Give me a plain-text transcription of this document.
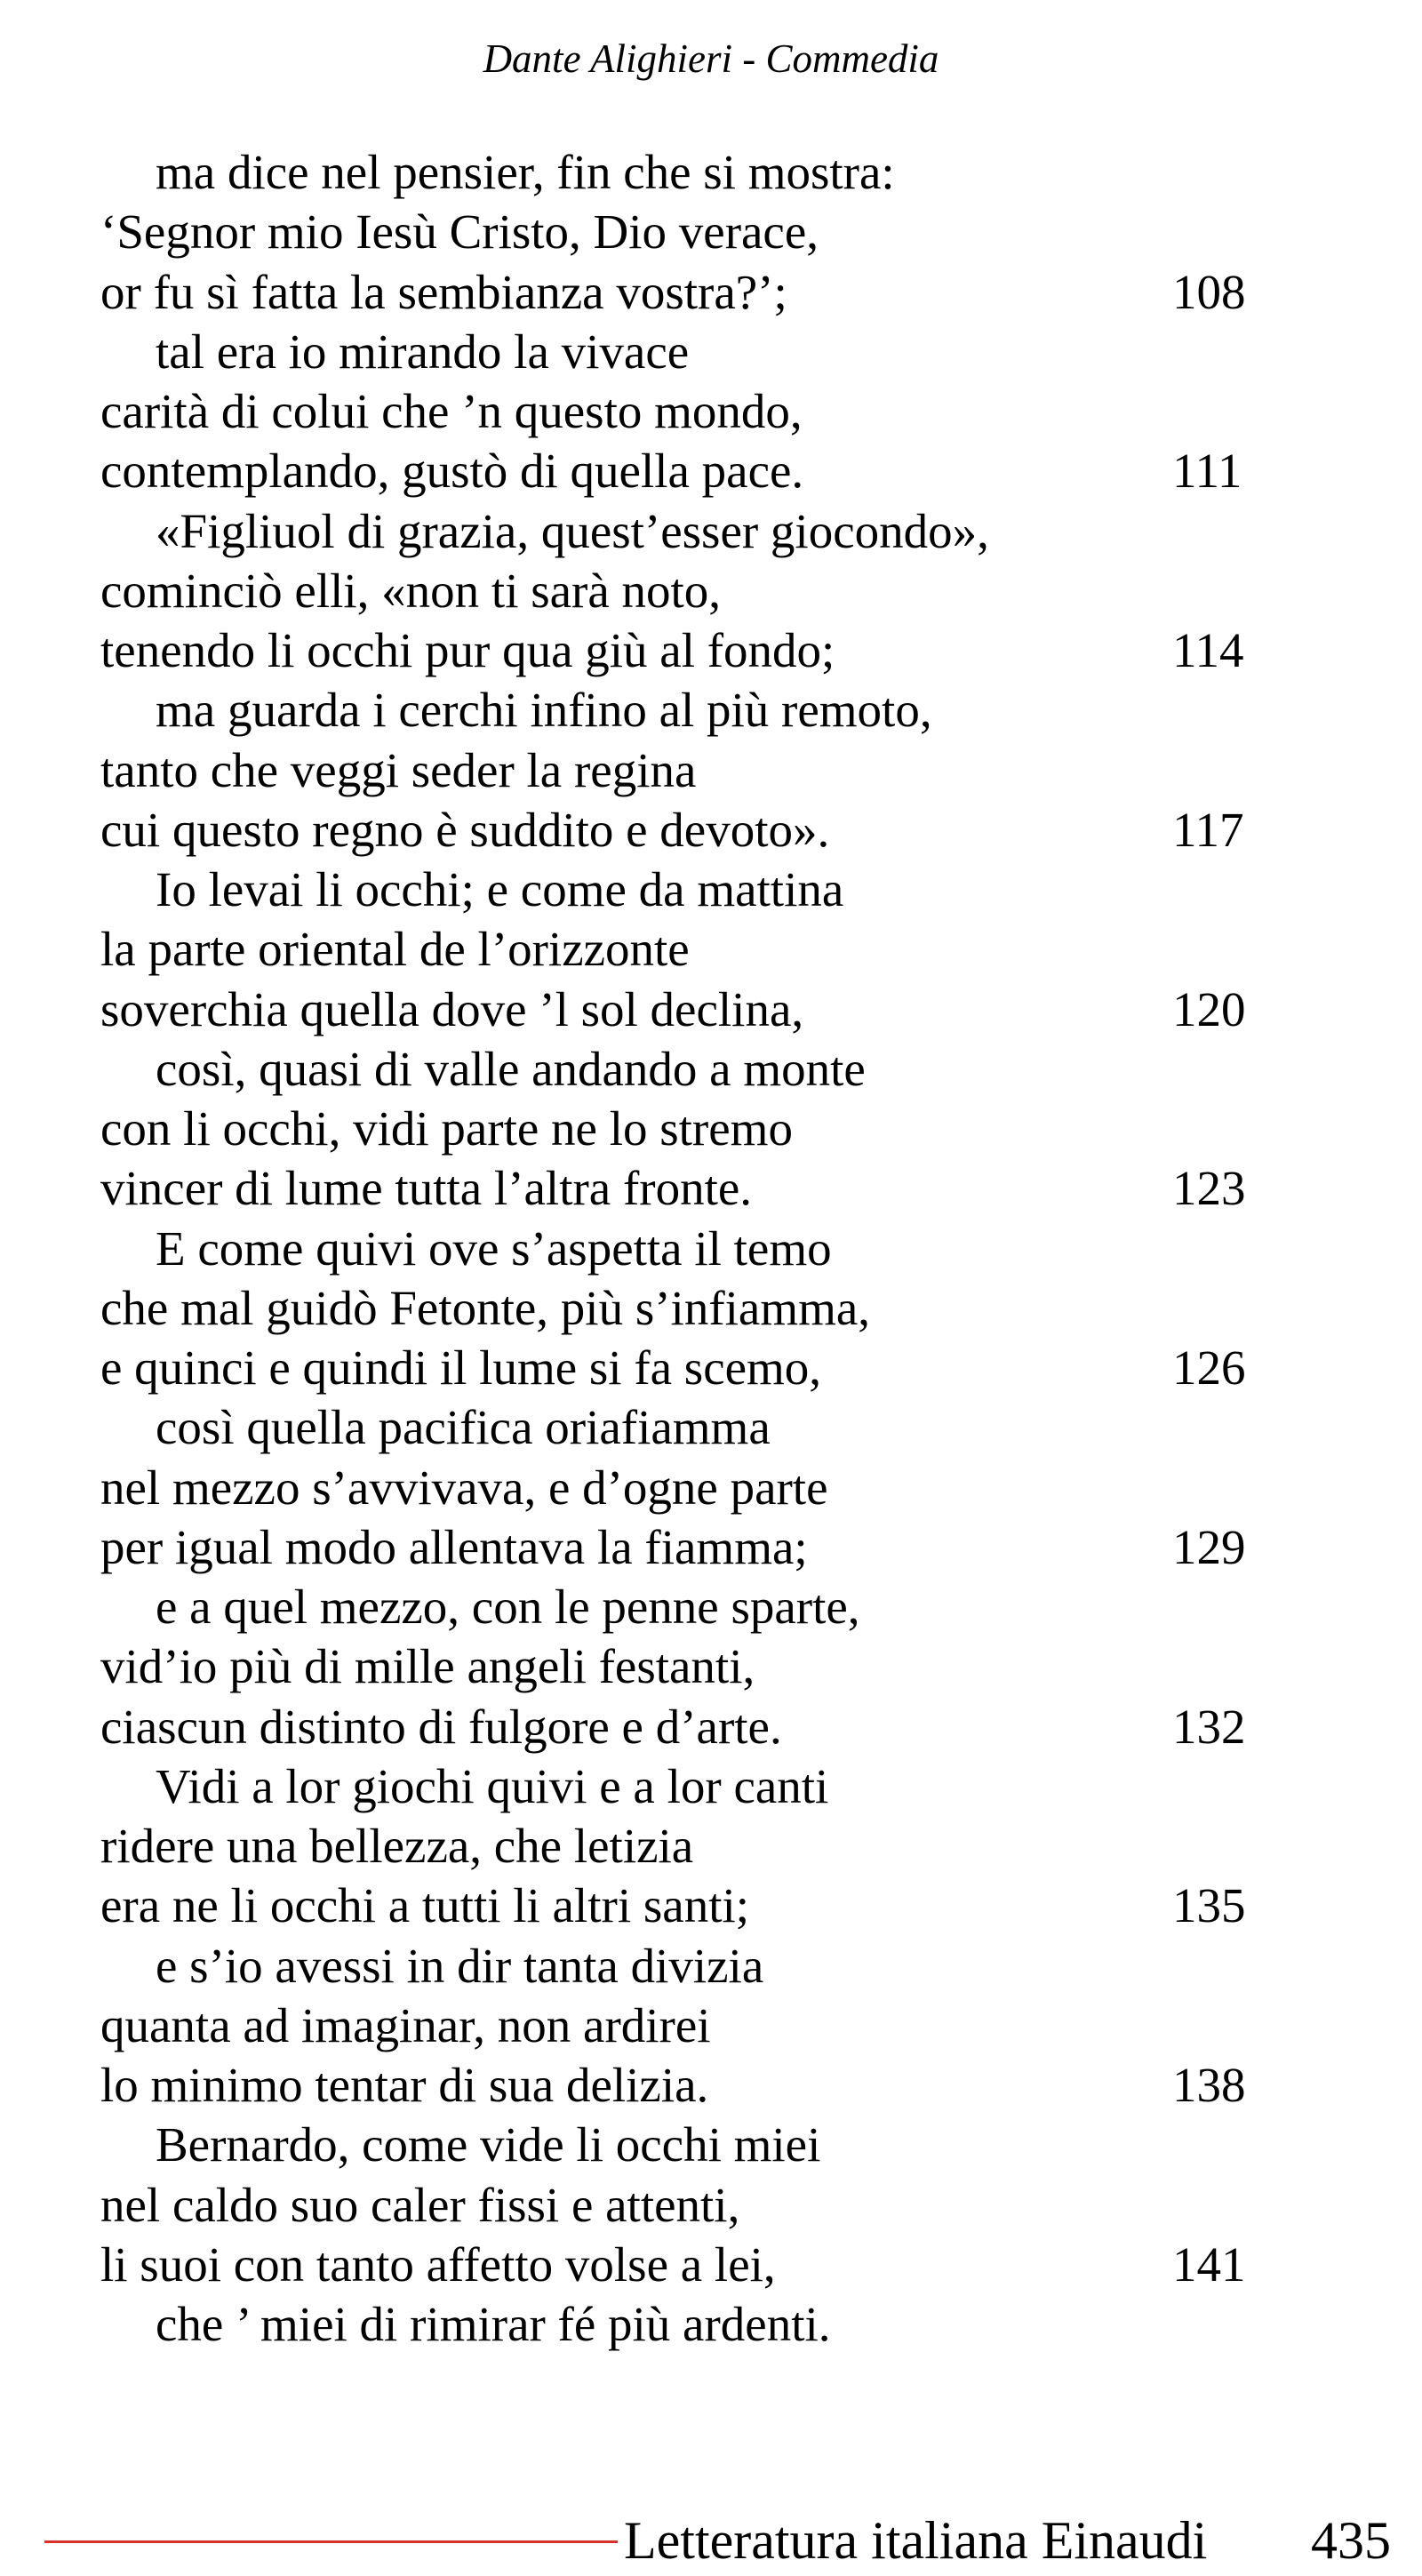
Dante Alighieri - Commedia
ma dice nel pensier, fin che si mostra:
‘Segnor mio Iesù Cristo, Dio verace,
or fu sì fatta la sembianza vostra?’;	108
tal era io mirando la vivace
carità di colui che ’n questo mondo,
contemplando, gustò di quella pace.	111
«Figliuol di grazia, quest’esser giocondo»,
cominciò elli, «non ti sarà noto,
tenendo li occhi pur qua giù al fondo;	114
ma guarda i cerchi infino al più remoto,
tanto che veggi seder la regina
cui questo regno è suddito e devoto».	117
Io levai li occhi; e come da mattina
la parte oriental de l’orizzonte
soverchia quella dove ’l sol declina,	120
così, quasi di valle andando a monte
con li occhi, vidi parte ne lo stremo
vincer di lume tutta l’altra fronte.	123
E come quivi ove s’aspetta il temo
che mal guidò Fetonte, più s’infiamma,
e quinci e quindi il lume si fa scemo,	126
così quella pacifica oriafiamma
nel mezzo s’avvivava, e d’ogne parte
per igual modo allentava la fiamma;	129
e a quel mezzo, con le penne sparte,
vid’io più di mille angeli festanti,
ciascun distinto di fulgore e d’arte.	132
Vidi a lor giochi quivi e a lor canti
ridere una bellezza, che letizia
era ne li occhi a tutti li altri santi;	135
e s’io avessi in dir tanta divizia
quanta ad imaginar, non ardirei
lo minimo tentar di sua delizia.	138
Bernardo, come vide li occhi miei
nel caldo suo caler fissi e attenti,
li suoi con tanto affetto volse a lei,	141
che ’ miei di rimirar fé più ardenti.
Letteratura italiana Einaudi 435
